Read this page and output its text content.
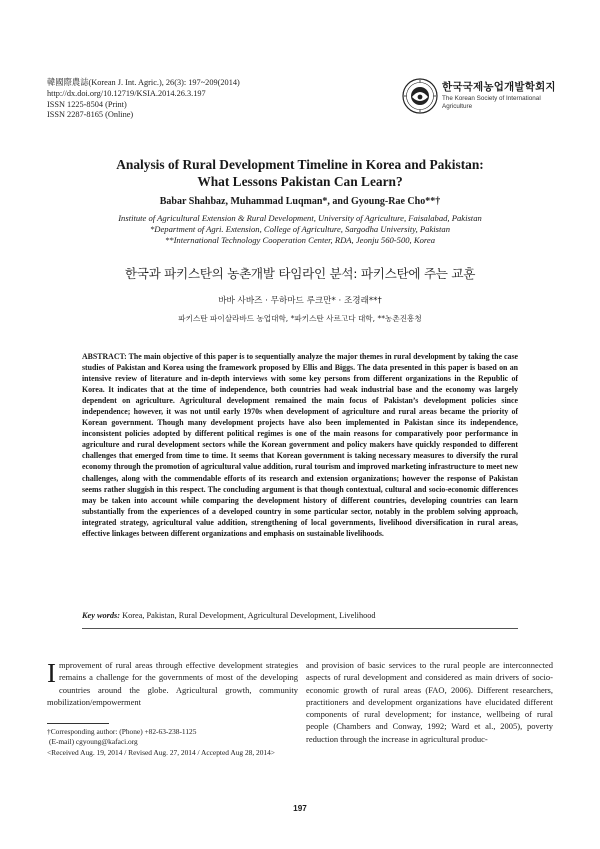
韓國際農誌(Korean J. Int. Agric.), 26(3): 197~209(2014)
http://dx.doi.org/10.12719/KSIA.2014.26.3.197
ISSN 1225-8504 (Print)
ISSN 2287-8165 (Online)
한국국제농업개발학회지
The Korean Society of International
Agriculture
Analysis of Rural Development Timeline in Korea and Pakistan:
What Lessons Pakistan Can Learn?
Babar Shahbaz, Muhammad Luqman*, and Gyoung-Rae Cho**†
Institute of Agricultural Extension & Rural Development, University of Agriculture, Faisalabad, Pakistan
*Department of Agri. Extension, College of Agriculture, Sargodha University, Pakistan
**International Technology Cooperation Center, RDA, Jeonju 560-500, Korea
한국과 파키스탄의 농촌개발 타임라인 분석: 파키스탄에 주는 교훈
바바 사바즈 · 무하마드 루크만* · 조경래**†
파키스탄 파이살라바드 농업대학, *파키스탄 사르고다 대학, **농촌진흥청
ABSTRACT: The main objective of this paper is to sequentially analyze the major themes in rural development by taking the case studies of Pakistan and Korea using the framework proposed by Ellis and Biggs. The data presented in this paper is based on an intensive review of literature and in-depth interviews with some key persons from different organizations in the Republic of Korea. It indicates that at the time of independence, both countries had weak industrial base and the economy was largely dependent on agriculture. Agricultural development remained the main focus of Pakistan’s development policies since independence; however, it was not until early 1970s when development of agriculture and rural areas became the priority of Korean government. Though many development projects have also been implemented in Pakistan since its independence, inconsistent policies adopted by different political regimes is one of the main reasons for comparatively poor performance in agriculture and rural development sectors while the Korean government and policy makers have quickly responded to different challenges that emerged from time to time. It seems that Korean government is taking necessary measures to diversify the rural economy through the promotion of agricultural value addition, rural tourism and improved marketing infrastructure to meet new challenges, along with the commendable efforts of its research and extension organizations; however the response of Pakistan seems rather sluggish in this respect. The concluding argument is that though contextual, cultural and socio-economic differences may be taken into account while comparing the development history of different countries, developing countries can learn substantially from the experiences of a developed country in some particular sector, notably in the problem solving approach, integrated strategy, agricultural value addition, strengthening of local governments, livelihood diversification in rural areas, effective linkages between different organizations and emphasis on sustainable livelihoods.
Key words: Korea, Pakistan, Rural Development, Agricultural Development, Livelihood
Improvement of rural areas through effective development strategies remains a challenge for the governments of most of the developing countries around the globe. Agricultural growth, community mobilization/empowerment
and provision of basic services to the rural people are interconnected aspects of rural development and considered as main drivers of socio-economic growth of rural areas (FAO, 2006). Different researchers, practitioners and development organizations have elucidated different components of rural development; for instance, wellbeing of rural people (Chambers and Conway, 1992; Ward et al., 2005), poverty reduction through the increase in agricultural produc-
†Corresponding author: (Phone) +82-63-238-1125
(E-mail) cgyoung@kafaci.org
<Received Aug. 19, 2014 / Revised Aug. 27, 2014 / Accepted Aug 28, 2014>
197
